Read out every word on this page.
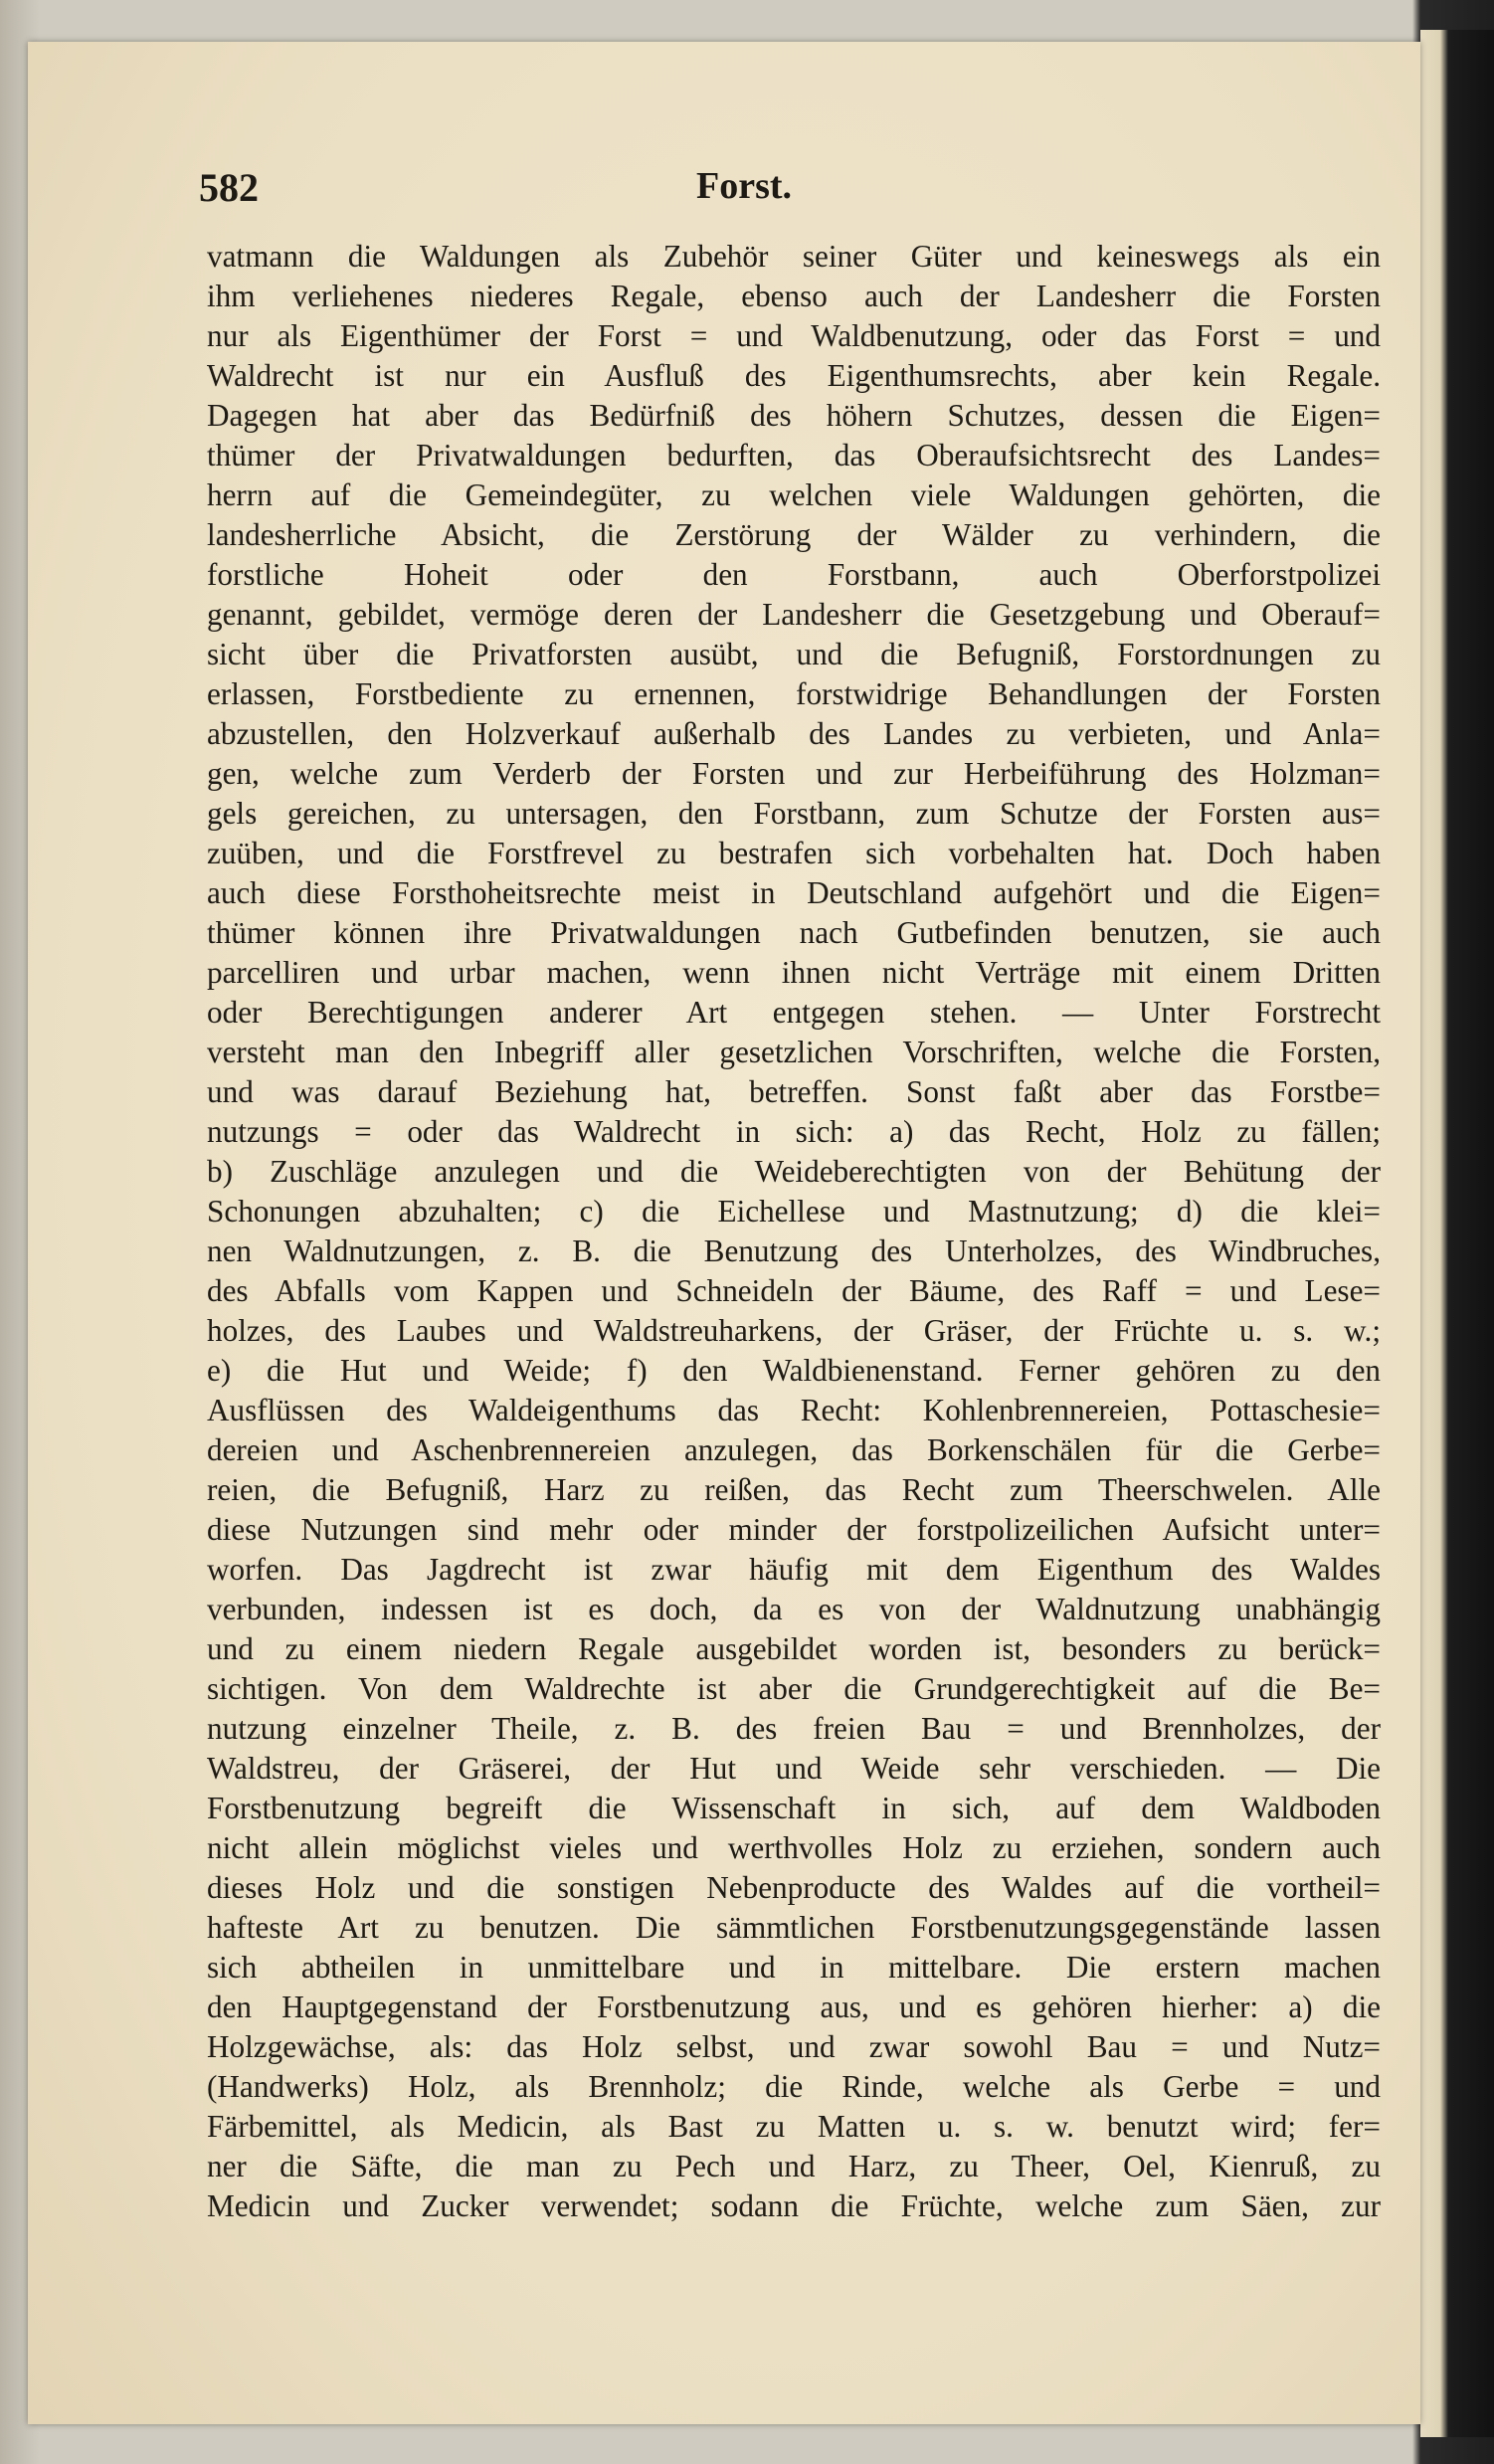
582	Forst.
vatmann die Waldungen als Zubehör seiner Güter und keineswegs als ein
ihm verliehenes niederes Regale, ebenso auch der Landesherr die Forsten
nur als Eigenthümer der Forst = und Waldbenutzung, oder das Forst = und
Waldrecht ist nur ein Ausfluß des Eigenthumsrechts, aber kein Regale.
Dagegen hat aber das Bedürfniß des höhern Schutzes, dessen die Eigen=
thümer der Privatwaldungen bedurften, das Oberaufsichtsrecht des Landes=
herrn auf die Gemeindegüter, zu welchen viele Waldungen gehörten, die
landesherrliche Absicht, die Zerstörung der Wälder zu verhindern, die
forstliche Hoheit oder den Forstbann, auch Oberforstpolizei
genannt, gebildet, vermöge deren der Landesherr die Gesetzgebung und Oberauf=
sicht über die Privatforsten ausübt, und die Befugniß, Forstordnungen zu
erlassen, Forstbediente zu ernennen, forstwidrige Behandlungen der Forsten
abzustellen, den Holzverkauf außerhalb des Landes zu verbieten, und Anla=
gen, welche zum Verderb der Forsten und zur Herbeiführung des Holzman=
gels gereichen, zu untersagen, den Forstbann, zum Schutze der Forsten aus=
zuüben, und die Forstfrevel zu bestrafen sich vorbehalten hat. Doch haben
auch diese Forsthoheitsrechte meist in Deutschland aufgehört und die Eigen=
thümer können ihre Privatwaldungen nach Gutbefinden benutzen, sie auch
parcelliren und urbar machen, wenn ihnen nicht Verträge mit einem Dritten
oder Berechtigungen anderer Art entgegen stehen. — Unter Forstrecht
versteht man den Inbegriff aller gesetzlichen Vorschriften, welche die Forsten,
und was darauf Beziehung hat, betreffen. Sonst faßt aber das Forstbe=
nutzungs = oder das Waldrecht in sich: a) das Recht, Holz zu fällen;
b) Zuschläge anzulegen und die Weideberechtigten von der Behütung der
Schonungen abzuhalten; c) die Eichellese und Mastnutzung; d) die klei=
nen Waldnutzungen, z. B. die Benutzung des Unterholzes, des Windbruches,
des Abfalls vom Kappen und Schneideln der Bäume, des Raff = und Lese=
holzes, des Laubes und Waldstreuharkens, der Gräser, der Früchte u. s. w.;
e) die Hut und Weide; f) den Waldbienenstand. Ferner gehören zu den
Ausflüssen des Waldeigenthums das Recht: Kohlenbrennereien, Pottaschesie=
dereien und Aschenbrennereien anzulegen, das Borkenschälen für die Gerbe=
reien, die Befugniß, Harz zu reißen, das Recht zum Theerschwelen. Alle
diese Nutzungen sind mehr oder minder der forstpolizeilichen Aufsicht unter=
worfen. Das Jagdrecht ist zwar häufig mit dem Eigenthum des Waldes
verbunden, indessen ist es doch, da es von der Waldnutzung unabhängig
und zu einem niedern Regale ausgebildet worden ist, besonders zu berück=
sichtigen. Von dem Waldrechte ist aber die Grundgerechtigkeit auf die Be=
nutzung einzelner Theile, z. B. des freien Bau = und Brennholzes, der
Waldstreu, der Gräserei, der Hut und Weide sehr verschieden. — Die
Forstbenutzung begreift die Wissenschaft in sich, auf dem Waldboden
nicht allein möglichst vieles und werthvolles Holz zu erziehen, sondern auch
dieses Holz und die sonstigen Nebenproducte des Waldes auf die vortheil=
hafteste Art zu benutzen. Die sämmtlichen Forstbenutzungsgegenstände lassen
sich abtheilen in unmittelbare und in mittelbare. Die erstern machen
den Hauptgegenstand der Forstbenutzung aus, und es gehören hierher: a) die
Holzgewächse, als: das Holz selbst, und zwar sowohl Bau = und Nutz=
(Handwerks) Holz, als Brennholz; die Rinde, welche als Gerbe = und
Färbemittel, als Medicin, als Bast zu Matten u. s. w. benutzt wird; fer=
ner die Säfte, die man zu Pech und Harz, zu Theer, Oel, Kienruß, zu
Medicin und Zucker verwendet; sodann die Früchte, welche zum Säen, zur
